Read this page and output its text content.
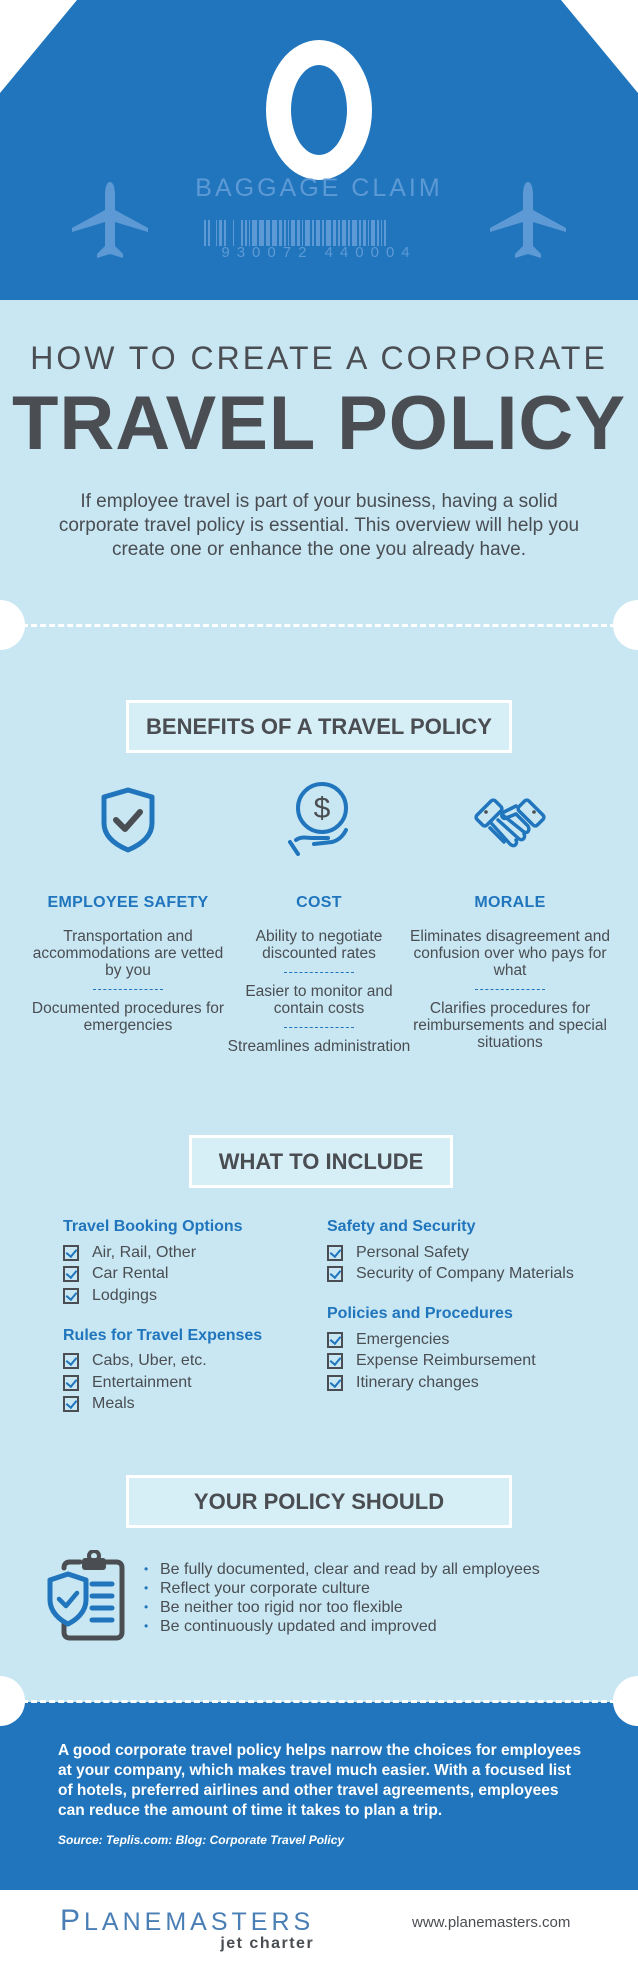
BAGGAGE CLAIM
930072 440004
HOW TO CREATE A CORPORATE
TRAVEL POLICY
If employee travel is part of your business, having a solid corporate travel policy is essential. This overview will help you create one or enhance the one you already have.
BENEFITS OF A TRAVEL POLICY
EMPLOYEE SAFETY
Transportation and accommodations are vetted by you
Documented procedures for emergencies
$
COST
Ability to negotiate discounted rates
Easier to monitor and contain costs
Streamlines administration
MORALE
Eliminates disagreement and confusion over who pays for what
Clarifies procedures for reimbursements and special situations
WHAT TO INCLUDE
Travel Booking Options
Air, Rail, Other
Car Rental
Lodgings
Rules for Travel Expenses
Cabs, Uber, etc.
Entertainment
Meals
Safety and Security
Personal Safety
Security of Company Materials
Policies and Procedures
Emergencies
Expense Reimbursement
Itinerary changes
YOUR POLICY SHOULD
• Be fully documented, clear and read by all employees
• Reflect your corporate culture
• Be neither too rigid nor too flexible
• Be continuously updated and improved
A good corporate travel policy helps narrow the choices for employees at your company, which makes travel much easier. With a focused list of hotels, preferred airlines and other travel agreements, employees can reduce the amount of time it takes to plan a trip.
Source: Teplis.com: Blog: Corporate Travel Policy
PLANEMASTERS
jet charter
www.planemasters.com
